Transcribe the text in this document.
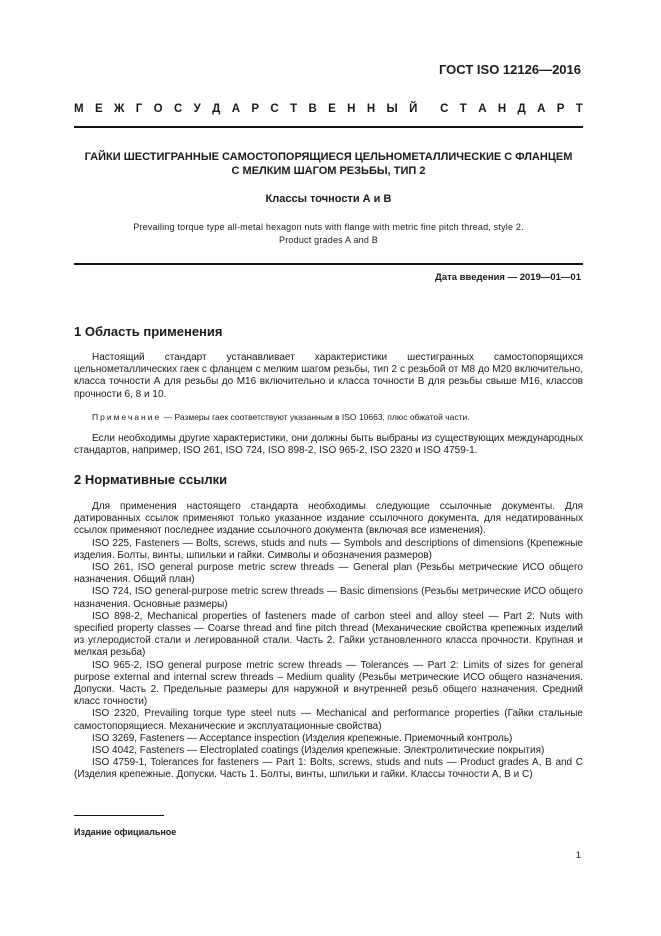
ГОСТ ISO 12126—2016
М Е Ж Г О С У Д А Р С Т В Е Н Н Ы Й С Т А Н Д А Р Т
ГАЙКИ ШЕСТИГРАННЫЕ САМОСТОПОРЯЩИЕСЯ ЦЕЛЬНОМЕТАЛЛИЧЕСКИЕ С ФЛАНЦЕМ
С МЕЛКИМ ШАГОМ РЕЗЬБЫ, ТИП 2
Классы точности А и В
Prevailing torque type all-metal hexagon nuts with flange with metric fine pitch thread, style 2.
Product grades A and B
Дата введения — 2019—01—01
1 Область применения

Настоящий стандарт устанавливает характеристики шестигранных самостопорящихся цельнометаллических гаек с фланцем с мелким шагом резьбы, тип 2 с резьбой от М8 до М20 включительно, класса точности А для резьбы до М16 включительно и класса точности В для резьбы свыше М16, классов прочности 6, 8 и 10.

Примечание — Размеры гаек соответствуют указанным в ISO 10663, плюс обжатой части.

Если необходимы другие характеристики, они должны быть выбраны из существующих международных стандартов, например, ISO 261, ISO 724, ISO 898-2, ISO 965-2, ISO 2320 и ISO 4759-1.

2 Нормативные ссылки

Для применения настоящего стандарта необходимы следующие ссылочные документы. Для датированных ссылок применяют только указанное издание ссылочного документа, для недатированных ссылок применяют последнее издание ссылочного документа (включая все изменения).

ISO 225, Fasteners — Bolts, screws, studs and nuts — Symbols and descriptions of dimensions (Крепежные изделия. Болты, винты, шпильки и гайки. Символы и обозначения размеров)

ISO 261, ISO general purpose metric screw threads — General plan (Резьбы метрические ИСО общего назначения. Общий план)

ISO 724, ISO general-purpose metric screw threads — Basic dimensions (Резьбы метрические ИСО общего назначения. Основные размеры)

ISO 898-2, Mechanical properties of fasteners made of carbon steel and alloy steel — Part 2: Nuts with specified property classes — Coarse thread and fine pitch thread (Механические свойства крепежных изделий из углеродистой стали и легированной стали. Часть 2. Гайки установленного класса прочности. Крупная и мелкая резьба)

ISO 965-2, ISO general purpose metric screw threads — Tolerances — Part 2: Limits of sizes for general purpose external and internal screw threads – Medium quality (Резьбы метрические ИСО общего назначения. Допуски. Часть 2. Предельные размеры для наружной и внутренней резьб общего назначения. Средний класс точности)

ISO 2320, Prevailing torque type steel nuts — Mechanical and performance properties (Гайки стальные самостопорящиеся. Механические и эксплуатационные свойства)

ISO 3269, Fasteners — Acceptance inspection (Изделия крепежные. Приемочный контроль)

ISO 4042, Fasteners — Electroplated coatings (Изделия крепежные. Электролитические покрытия)

ISO 4759-1, Tolerances for fasteners — Part 1: Bolts, screws, studs and nuts — Product grades A, B and C (Изделия крепежные. Допуски. Часть 1. Болты, винты, шпильки и гайки. Классы точности А, В и С)

Издание официальное
1
